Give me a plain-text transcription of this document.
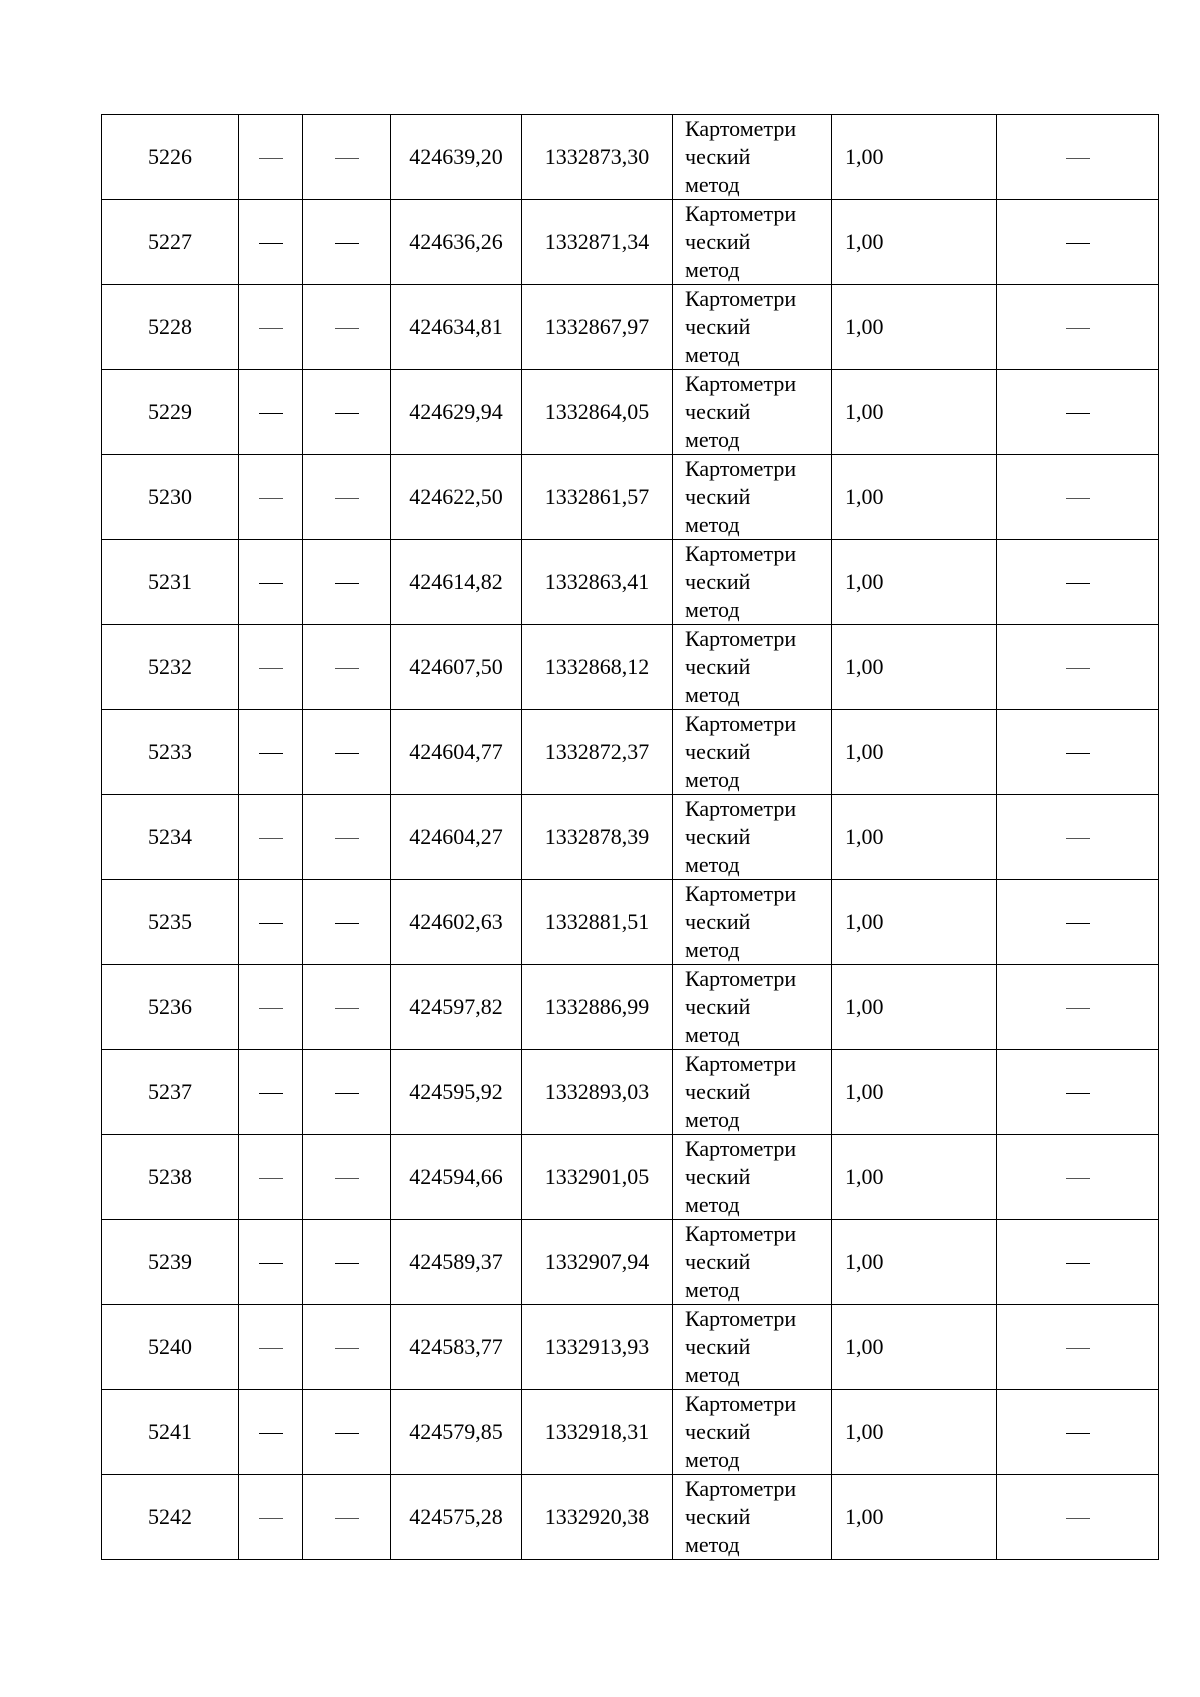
5226			424639,20	1332873,30	Картометри
ческий
метод	1,00	
5227			424636,26	1332871,34	Картометри
ческий
метод	1,00	
5228			424634,81	1332867,97	Картометри
ческий
метод	1,00	
5229			424629,94	1332864,05	Картометри
ческий
метод	1,00	
5230			424622,50	1332861,57	Картометри
ческий
метод	1,00	
5231			424614,82	1332863,41	Картометри
ческий
метод	1,00	
5232			424607,50	1332868,12	Картометри
ческий
метод	1,00	
5233			424604,77	1332872,37	Картометри
ческий
метод	1,00	
5234			424604,27	1332878,39	Картометри
ческий
метод	1,00	
5235			424602,63	1332881,51	Картометри
ческий
метод	1,00	
5236			424597,82	1332886,99	Картометри
ческий
метод	1,00	
5237			424595,92	1332893,03	Картометри
ческий
метод	1,00	
5238			424594,66	1332901,05	Картометри
ческий
метод	1,00	
5239			424589,37	1332907,94	Картометри
ческий
метод	1,00	
5240			424583,77	1332913,93	Картометри
ческий
метод	1,00	
5241			424579,85	1332918,31	Картометри
ческий
метод	1,00	
5242			424575,28	1332920,38	Картометри
ческий
метод	1,00	
